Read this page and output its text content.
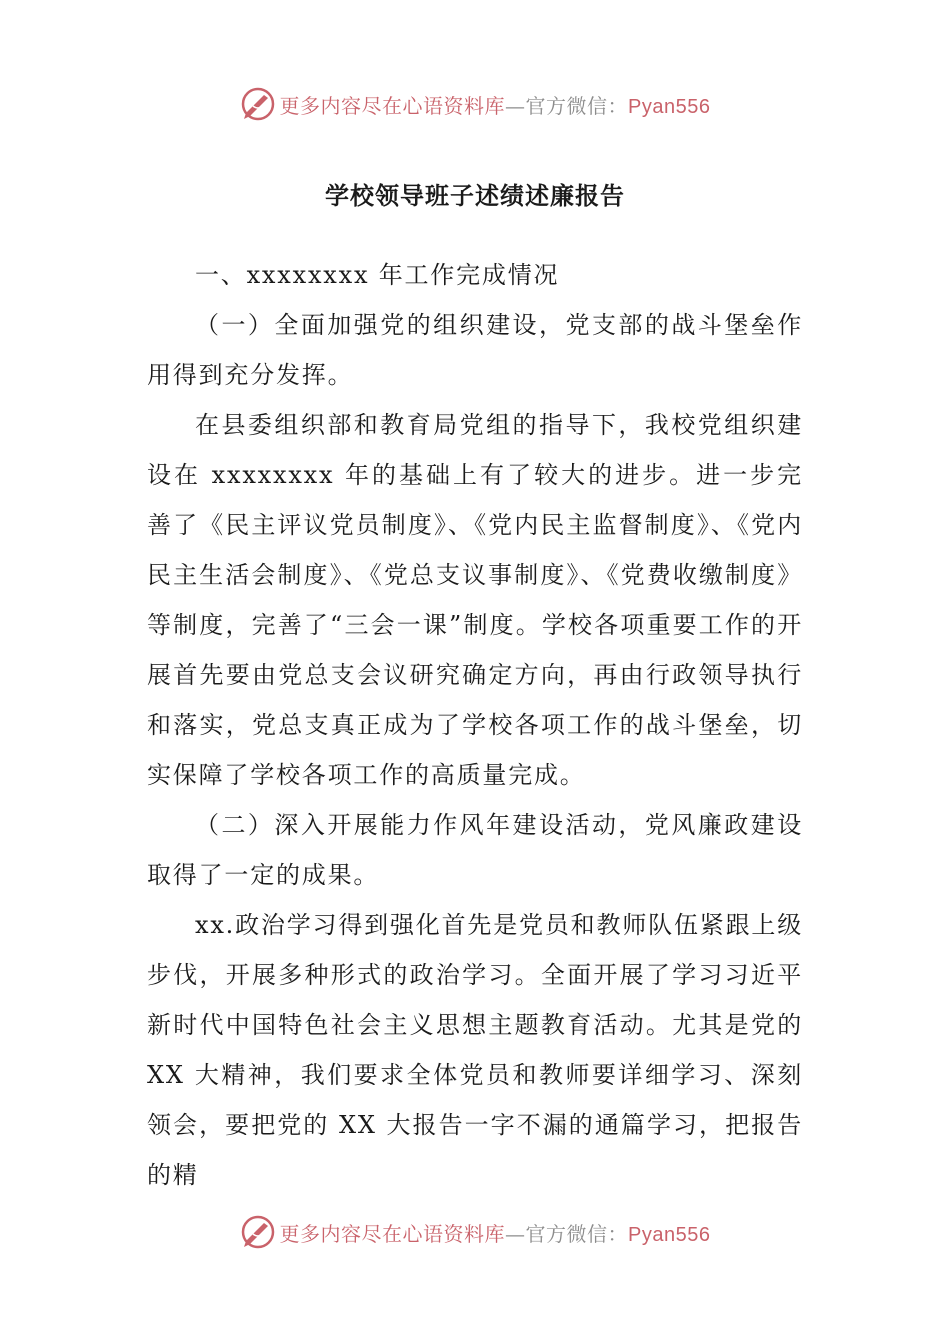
更多内容尽在心语资料库—官方微信：Pyan556
学校领导班子述绩述廉报告

一、xxxxxxxx 年工作完成情况

（一）全面加强党的组织建设，党支部的战斗堡垒作用得到充分发挥。

在县委组织部和教育局党组的指导下，我校党组织建设在 xxxxxxxx 年的基础上有了较大的进步。进一步完善了《民主评议党员制度》、《党内民主监督制度》、《党内民主生活会制度》、《党总支议事制度》、《党费收缴制度》等制度，完善了“三会一课”制度。学校各项重要工作的开展首先要由党总支会议研究确定方向，再由行政领导执行和落实，党总支真正成为了学校各项工作的战斗堡垒，切实保障了学校各项工作的高质量完成。

（二）深入开展能力作风年建设活动，党风廉政建设取得了一定的成果。

xx.政治学习得到强化首先是党员和教师队伍紧跟上级步伐，开展多种形式的政治学习。全面开展了学习习近平新时代中国特色社会主义思想主题教育活动。尤其是党的 XX 大精神，我们要求全体党员和教师要详细学习、深刻领会，要把党的 XX 大报告一字不漏的通篇学习，把报告的精

更多内容尽在心语资料库—官方微信：Pyan556
